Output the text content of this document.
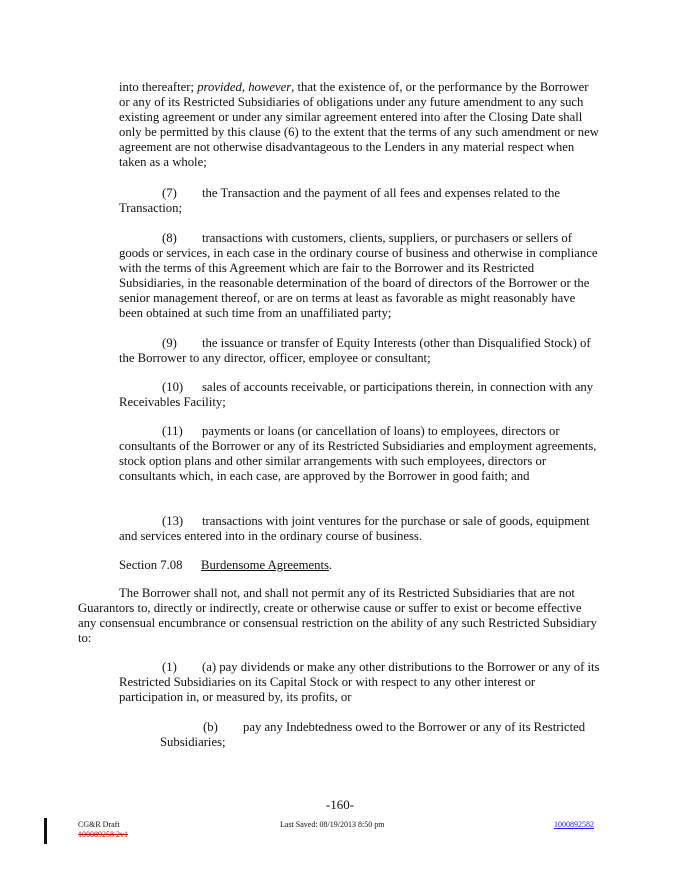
into thereafter; provided, however, that the existence of, or the performance by the Borrower or any of its Restricted Subsidiaries of obligations under any future amendment to any such existing agreement or under any similar agreement entered into after the Closing Date shall only be permitted by this clause (6) to the extent that the terms of any such amendment or new agreement are not otherwise disadvantageous to the Lenders in any material respect when taken as a whole;

(7) the Transaction and the payment of all fees and expenses related to the Transaction;

(8) transactions with customers, clients, suppliers, or purchasers or sellers of goods or services, in each case in the ordinary course of business and otherwise in compliance with the terms of this Agreement which are fair to the Borrower and its Restricted Subsidiaries, in the reasonable determination of the board of directors of the Borrower or the senior management thereof, or are on terms at least as favorable as might reasonably have been obtained at such time from an unaffiliated party;

(9) the issuance or transfer of Equity Interests (other than Disqualified Stock) of the Borrower to any director, officer, employee or consultant;

(10) sales of accounts receivable, or participations therein, in connection with any Receivables Facility;

(11) payments or loans (or cancellation of loans) to employees, directors or consultants of the Borrower or any of its Restricted Subsidiaries and employment agreements, stock option plans and other similar arrangements with such employees, directors or consultants which, in each case, are approved by the Borrower in good faith; and

(13) transactions with joint ventures for the purchase or sale of goods, equipment and services entered into in the ordinary course of business.

Section 7.08 Burdensome Agreements.

The Borrower shall not, and shall not permit any of its Restricted Subsidiaries that are not Guarantors to, directly or indirectly, create or otherwise cause or suffer to exist or become effective any consensual encumbrance or consensual restriction on the ability of any such Restricted Subsidiary to:

(1) (a) pay dividends or make any other distributions to the Borrower or any of its Restricted Subsidiaries on its Capital Stock or with respect to any other interest or participation in, or measured by, its profits, or

(b) pay any Indebtedness owed to the Borrower or any of its Restricted Subsidiaries;

-160-
CG&R Draft
100089258 2v1
Last Saved: 08/19/2013 8:50 pm	1000892582
